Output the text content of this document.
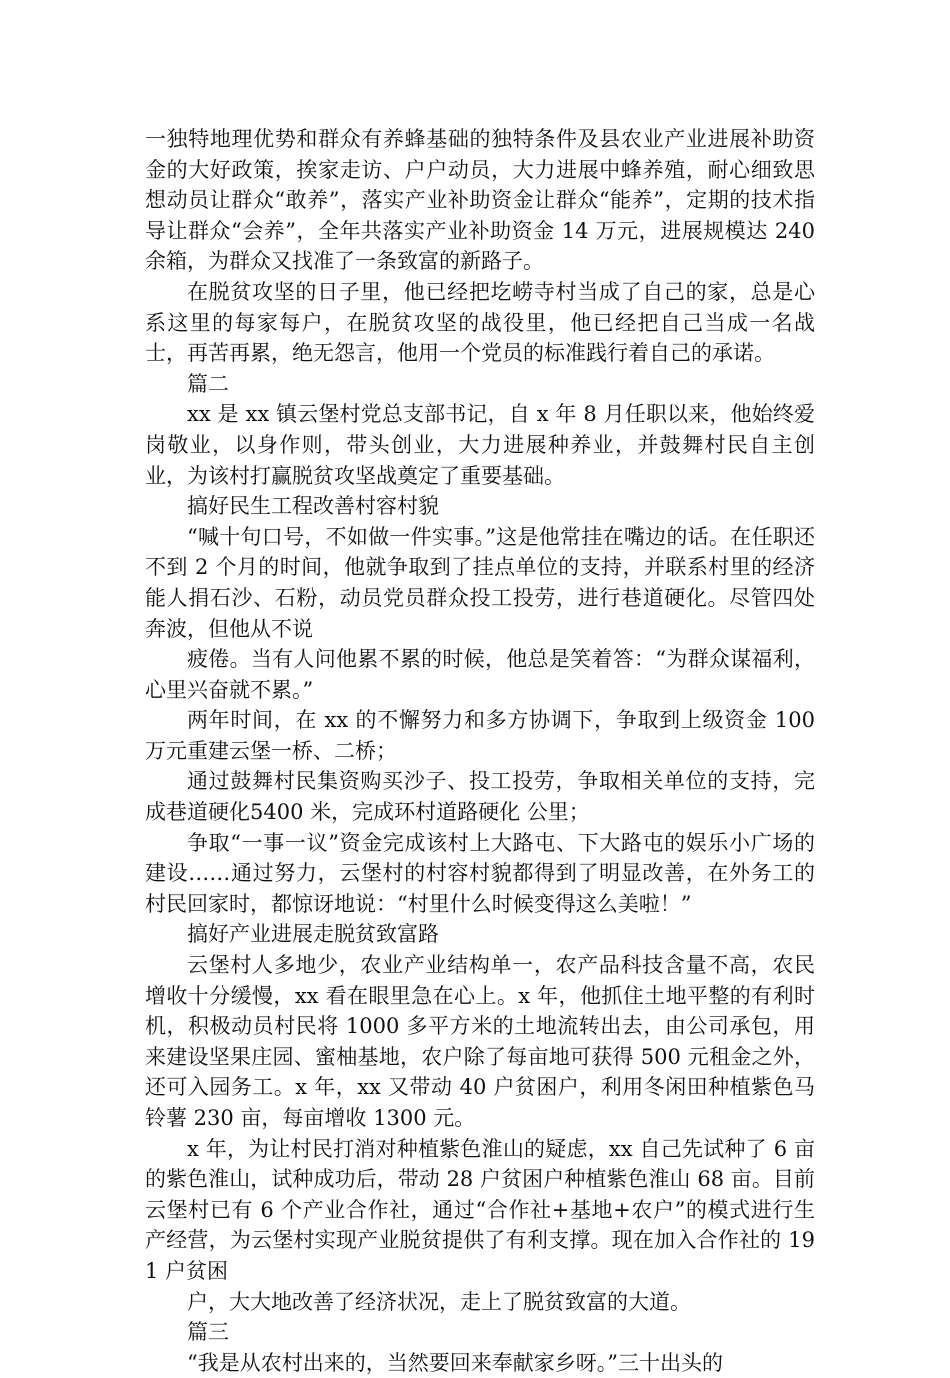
一独特地理优势和群众有养蜂基础的独特条件及县农业产业进展补助资金的大好政策，挨家走访、户户动员，大力进展中蜂养殖，耐心细致思想动员让群众“敢养”，落实产业补助资金让群众“能养”，定期的技术指导让群众“会养”，全年共落实产业补助资金 14 万元，进展规模达 240 余箱，为群众又找准了一条致富的新路子。

在脱贫攻坚的日子里，他已经把圪崂寺村当成了自己的家，总是心系这里的每家每户，在脱贫攻坚的战役里，他已经把自己当成一名战士，再苦再累，绝无怨言，他用一个党员的标准践行着自己的承诺。

篇二

xx 是 xx 镇云堡村党总支部书记，自 x 年 8 月任职以来，他始终爱岗敬业，以身作则，带头创业，大力进展种养业，并鼓舞村民自主创业，为该村打赢脱贫攻坚战奠定了重要基础。

搞好民生工程改善村容村貌

“喊十句口号，不如做一件实事。”这是他常挂在嘴边的话。在任职还不到 2 个月的时间，他就争取到了挂点单位的支持，并联系村里的经济能人捐石沙、石粉，动员党员群众投工投劳，进行巷道硬化。尽管四处奔波，但他从不说

疲倦。当有人问他累不累的时候，他总是笑着答：“为群众谋福利，心里兴奋就不累。”

两年时间，在 xx 的不懈努力和多方协调下，争取到上级资金 100 万元重建云堡一桥、二桥；

通过鼓舞村民集资购买沙子、投工投劳，争取相关单位的支持，完成巷道硬化5400 米，完成环村道路硬化 公里；

争取“一事一议”资金完成该村上大路屯、下大路屯的娱乐小广场的建设……通过努力，云堡村的村容村貌都得到了明显改善，在外务工的村民回家时，都惊讶地说：“村里什么时候变得这么美啦！”

搞好产业进展走脱贫致富路

云堡村人多地少，农业产业结构单一，农产品科技含量不高，农民增收十分缓慢，xx 看在眼里急在心上。x 年，他抓住土地平整的有利时机，积极动员村民将 1000 多平方米的土地流转出去，由公司承包，用来建设坚果庄园、蜜柚基地，农户除了每亩地可获得 500 元租金之外，还可入园务工。x 年，xx 又带动 40 户贫困户，利用冬闲田种植紫色马铃薯 230 亩，每亩增收 1300 元。

x 年，为让村民打消对种植紫色淮山的疑虑，xx 自己先试种了 6 亩的紫色淮山，试种成功后，带动 28 户贫困户种植紫色淮山 68 亩。目前云堡村已有 6 个产业合作社，通过“合作社+基地+农户”的模式进行生产经营，为云堡村实现产业脱贫提供了有利支撑。现在加入合作社的 191 户贫困

户，大大地改善了经济状况，走上了脱贫致富的大道。

篇三

“我是从农村出来的，当然要回来奉献家乡呀。”三十出头的
